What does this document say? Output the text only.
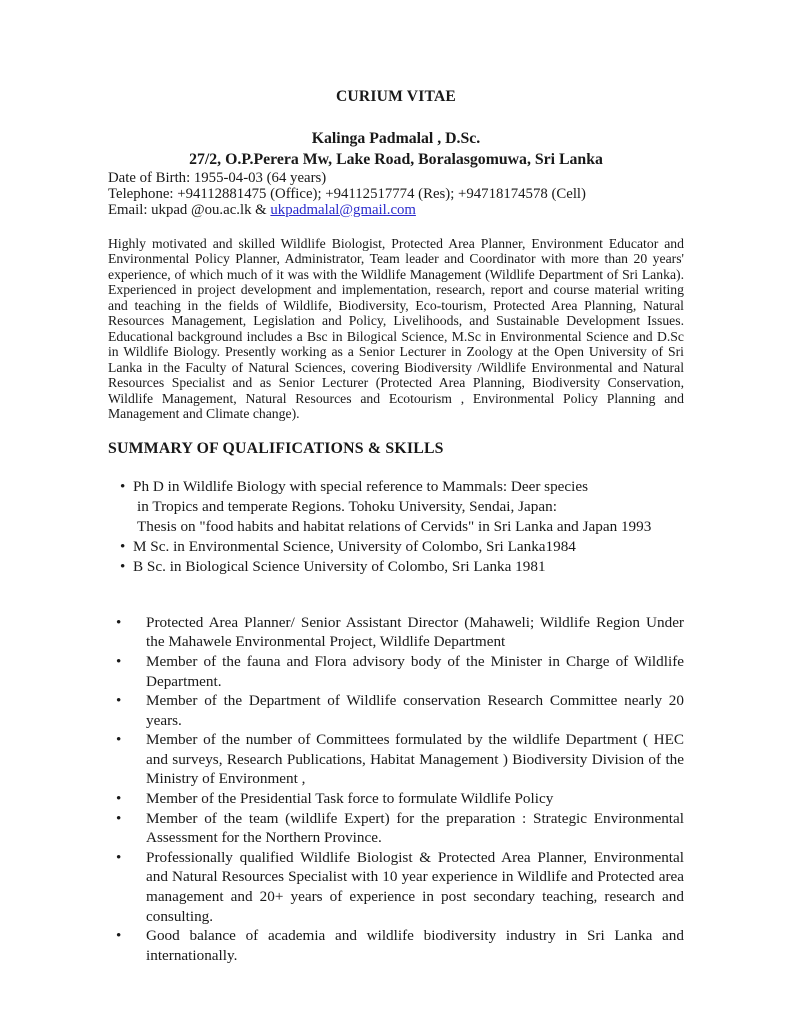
CURIUM VITAE

Kalinga Padmalal , D.Sc.

27/2, O.P.Perera Mw, Lake Road, Boralasgomuwa, Sri Lanka

Date of Birth: 1955-04-03 (64 years)

Telephone: +94112881475 (Office); +94112517774 (Res); +94718174578 (Cell)

Email: ukpad @ou.ac.lk & ukpadmalal@gmail.com

Highly motivated and skilled Wildlife Biologist, Protected Area Planner, Environment Educator and Environmental Policy Planner, Administrator, Team leader and Coordinator with more than 20 years' experience, of which much of it was with the Wildlife Management (Wildlife Department of Sri Lanka). Experienced in project development and implementation, research, report and course material writing and teaching in the fields of Wildlife, Biodiversity, Eco-tourism, Protected Area Planning, Natural Resources Management, Legislation and Policy, Livelihoods, and Sustainable Development Issues. Educational background includes a Bsc in Bilogical Science, M.Sc in Environmental Science and D.Sc in Wildlife Biology. Presently working as a Senior Lecturer in Zoology at the Open University of Sri Lanka in the Faculty of Natural Sciences, covering Biodiversity /Wildlife Environmental and Natural Resources Specialist and as Senior Lecturer (Protected Area Planning, Biodiversity Conservation, Wildlife Management, Natural Resources and Ecotourism , Environmental Policy Planning and Management and Climate change).

SUMMARY OF QUALIFICATIONS & SKILLS
• Ph D in Wildlife Biology with special reference to Mammals: Deer species
in Tropics and temperate Regions. Tohoku University, Sendai, Japan:
Thesis on "food habits and habitat relations of Cervids" in Sri Lanka and Japan 1993
• M Sc. in Environmental Science, University of Colombo, Sri Lanka1984
• B Sc. in Biological Science University of Colombo, Sri Lanka 1981
• Protected Area Planner/ Senior Assistant Director (Mahaweli; Wildlife Region Under the Mahawele Environmental Project, Wildlife Department
• Member of the fauna and Flora advisory body of the Minister in Charge of Wildlife Department.
• Member of the Department of Wildlife conservation Research Committee nearly 20 years.
• Member of the number of Committees formulated by the wildlife Department ( HEC and surveys, Research Publications, Habitat Management ) Biodiversity Division of the Ministry of Environment ,
• Member of the Presidential Task force to formulate Wildlife Policy
• Member of the team (wildlife Expert) for the preparation : Strategic Environmental Assessment for the Northern Province.
• Professionally qualified Wildlife Biologist & Protected Area Planner, Environmental and Natural Resources Specialist with 10 year experience in Wildlife and Protected area management and 20+ years of experience in post secondary teaching, research and consulting.
• Good balance of academia and wildlife biodiversity industry in Sri Lanka and internationally.
